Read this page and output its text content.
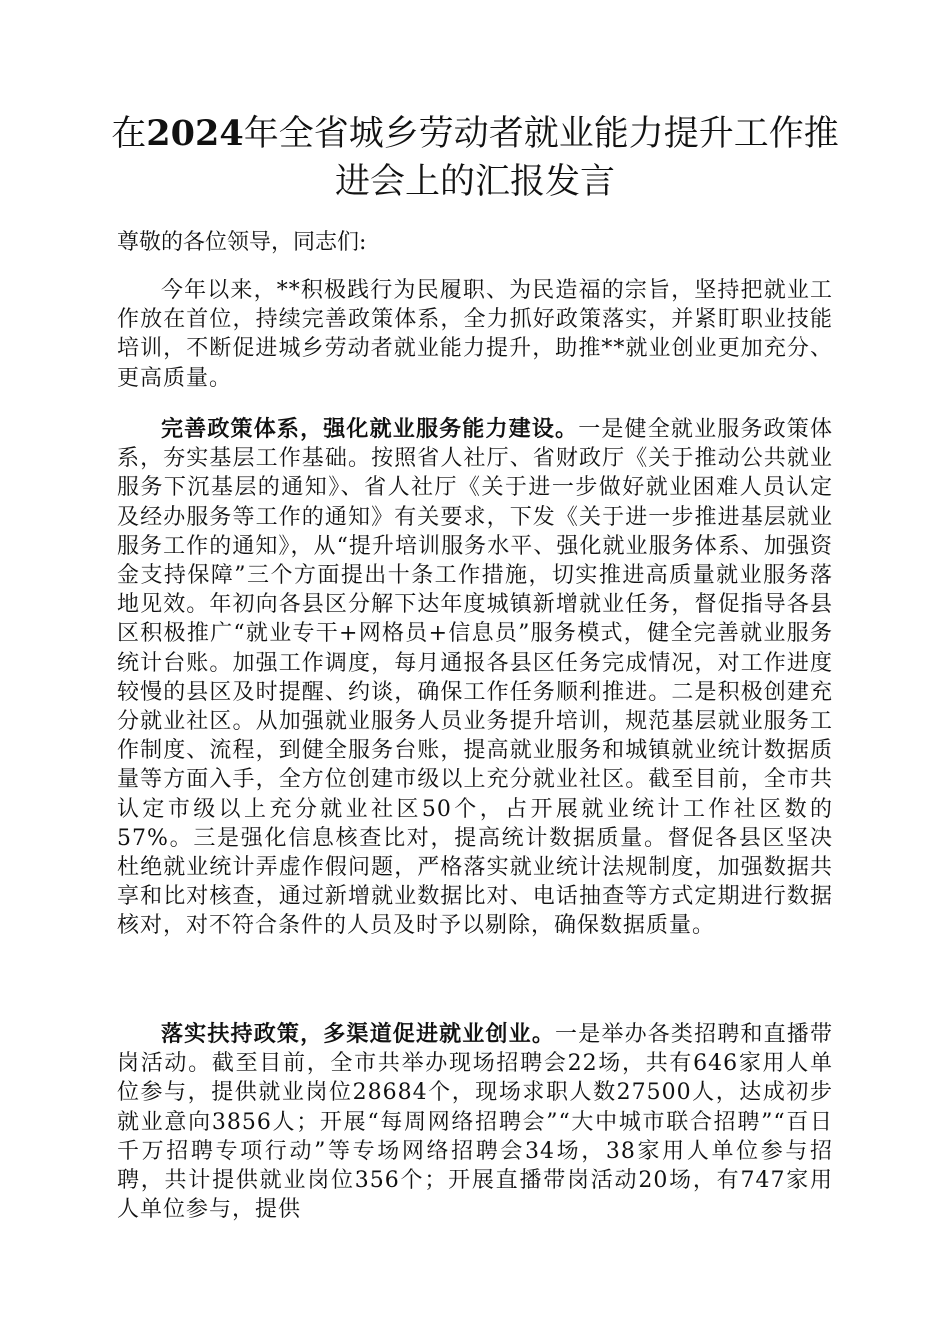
在2024年全省城乡劳动者就业能力提升工作推进会上的汇报发言

尊敬的各位领导，同志们:

今年以来，**积极践行为民履职、为民造福的宗旨，坚持把就业工作放在首位，持续完善政策体系，全力抓好政策落实，并紧盯职业技能培训，不断促进城乡劳动者就业能力提升，助推**就业创业更加充分、更高质量。

完善政策体系，强化就业服务能力建设。一是健全就业服务政策体系，夯实基层工作基础。按照省人社厅、省财政厅《关于推动公共就业服务下沉基层的通知》、省人社厅《关于进一步做好就业困难人员认定及经办服务等工作的通知》有关要求，下发《关于进一步推进基层就业服务工作的通知》，从“提升培训服务水平、强化就业服务体系、加强资金支持保障”三个方面提出十条工作措施，切实推进高质量就业服务落地见效。年初向各县区分解下达年度城镇新增就业任务，督促指导各县区积极推广“就业专干+网格员+信息员”服务模式，健全完善就业服务统计台账。加强工作调度，每月通报各县区任务完成情况，对工作进度较慢的县区及时提醒、约谈，确保工作任务顺利推进。二是积极创建充分就业社区。从加强就业服务人员业务提升培训，规范基层就业服务工作制度、流程，到健全服务台账，提高就业服务和城镇就业统计数据质量等方面入手，全方位创建市级以上充分就业社区。截至目前，全市共认定市级以上充分就业社区50个，占开展就业统计工作社区数的57%。三是强化信息核查比对，提高统计数据质量。督促各县区坚决杜绝就业统计弄虚作假问题，严格落实就业统计法规制度，加强数据共享和比对核查，通过新增就业数据比对、电话抽查等方式定期进行数据核对，对不符合条件的人员及时予以剔除，确保数据质量。

落实扶持政策，多渠道促进就业创业。一是举办各类招聘和直播带岗活动。截至目前，全市共举办现场招聘会22场，共有646家用人单位参与，提供就业岗位28684个，现场求职人数27500人，达成初步就业意向3856人；开展“每周网络招聘会”“大中城市联合招聘”“百日千万招聘专项行动”等专场网络招聘会34场，38家用人单位参与招聘，共计提供就业岗位356个；开展直播带岗活动20场，有747家用人单位参与，提供
